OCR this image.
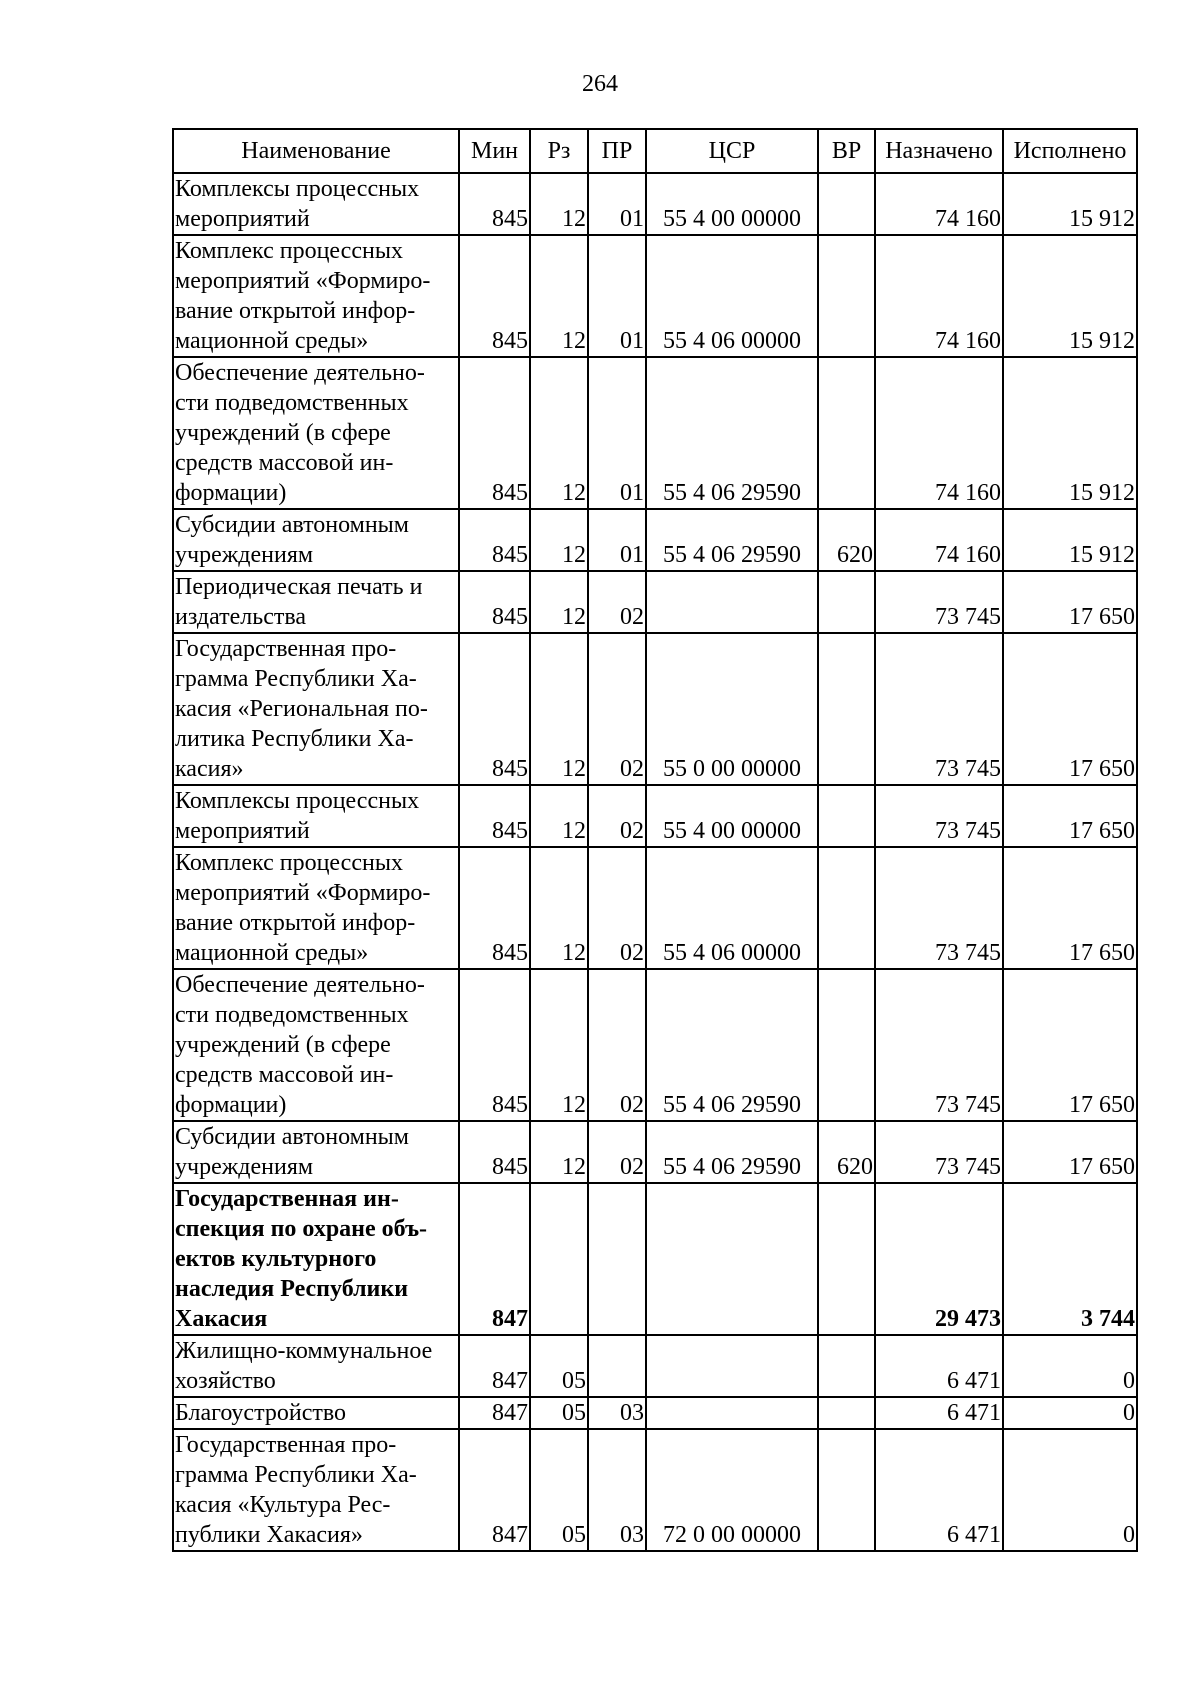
264
Наименование	Мин	Рз	ПР	ЦСР	ВР	Назначено	Исполнено

Комплексы процессных
мероприятий	845	12	01	55 4 00 00000		74 160	15 912

Комплекс процессных
мероприятий «Формиро-
вание открытой инфор-
мационной среды»	845	12	01	55 4 06 00000		74 160	15 912

Обеспечение деятельно-
сти подведомственных
учреждений (в сфере
средств массовой ин-
формации)	845	12	01	55 4 06 29590		74 160	15 912

Субсидии автономным
учреждениям	845	12	01	55 4 06 29590	620	74 160	15 912

Периодическая печать и
издательства	845	12	02			73 745	17 650

Государственная про-
грамма Республики Ха-
касия «Региональная по-
литика Республики Ха-
касия»	845	12	02	55 0 00 00000		73 745	17 650

Комплексы процессных
мероприятий	845	12	02	55 4 00 00000		73 745	17 650

Комплекс процессных
мероприятий «Формиро-
вание открытой инфор-
мационной среды»	845	12	02	55 4 06 00000		73 745	17 650

Обеспечение деятельно-
сти подведомственных
учреждений (в сфере
средств массовой ин-
формации)	845	12	02	55 4 06 29590		73 745	17 650

Субсидии автономным
учреждениям	845	12	02	55 4 06 29590	620	73 745	17 650

Государственная ин-
спекция по охране объ-
ектов культурного
наследия Республики
Хакасия	847					29 473	3 744

Жилищно-коммунальное
хозяйство	847	05				6 471	0

Благоустройство	847	05	03			6 471	0

Государственная про-
грамма Республики Ха-
касия «Культура Рес-
публики Хакасия»	847	05	03	72 0 00 00000		6 471	0
